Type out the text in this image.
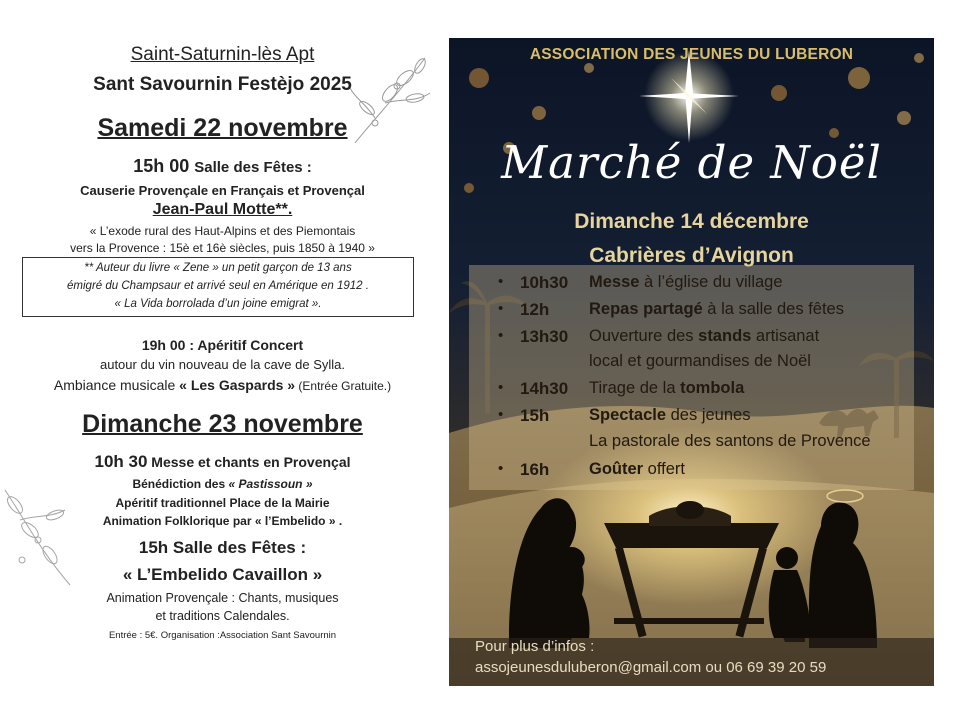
Saint-Saturnin-lès Apt
Sant Savournin Festèjo 2025
Samedi 22 novembre
15h 00 Salle des Fêtes :
Causerie Provençale en Français et Provençal
Jean-Paul Motte**.
« L’exode rural des Haut-Alpins et des Piemontais
vers la Provence : 15è et 16è siècles, puis 1850 à 1940 »
** Auteur du livre « Zene » un petit garçon de 13 ans
émigré du Champsaur et arrivé seul en Amérique en 1912 .
« La Vida borrolada d’un joine emigrat ».
19h 00 : Apéritif Concert
autour du vin nouveau de la cave de Sylla.
Ambiance musicale « Les Gaspards » (Entrée Gratuite.)
Dimanche 23 novembre
10h 30 Messe et chants en Provençal
Bénédiction des « Pastissoun »
Apéritif traditionnel Place de la Mairie
Animation Folklorique par « l’Embelido » .
15h Salle des Fêtes :
« L’Embelido Cavaillon »
Animation Provençale : Chants, musiques
et traditions Calendales.
Entrée : 5€. Organisation :Association Sant Savournin
ASSOCIATION DES JEUNES DU LUBERON
Marché de Noël
Dimanche 14 décembre
Cabrières d’Avignon
• 10h30 Messe à l’église du village
• 12h Repas partagé à la salle des fêtes
• 13h30 Ouverture des stands artisanat
local et gourmandises de Noël
• 14h30 Tirage de la tombola
• 15h Spectacle des jeunes
La pastorale des santons de Provence
• 16h Goûter offert
Pour plus d’infos :
assojeunesduluberon@gmail.com ou 06 69 39 20 59
